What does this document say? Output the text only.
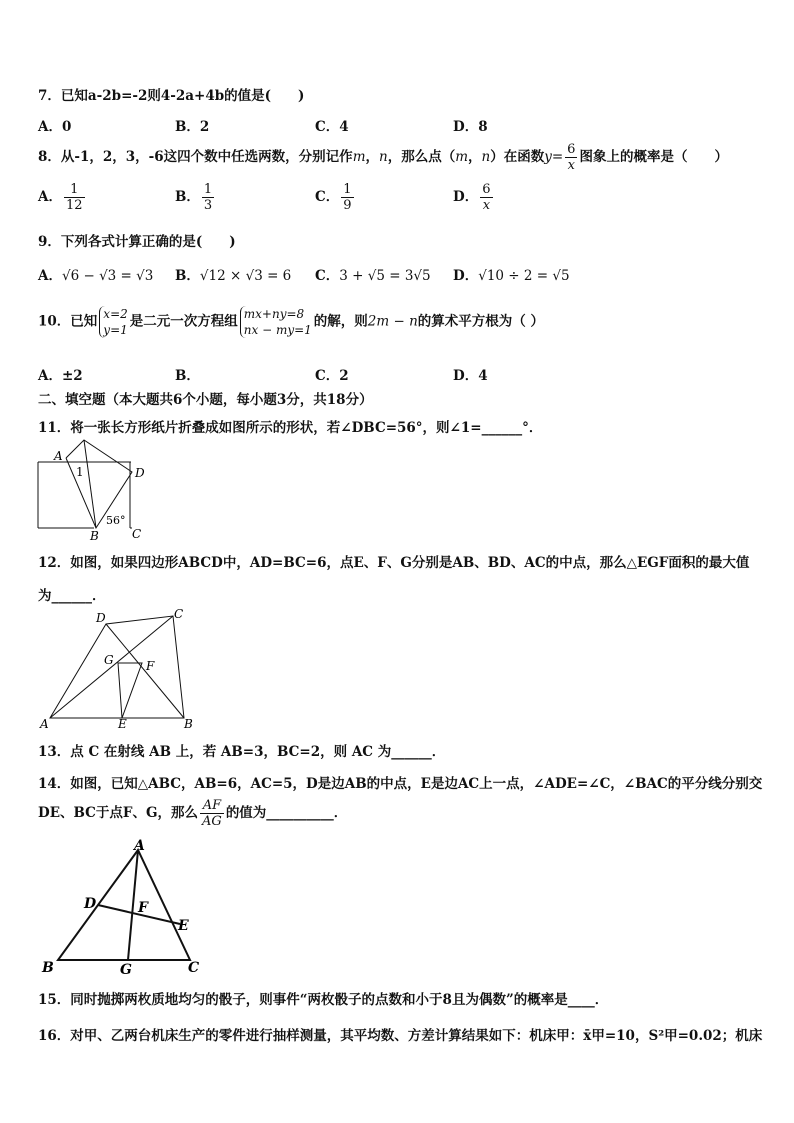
7．已知a-2b=-2则4-2a+4b的值是(　　)
A．0	B．2	C．4	D．8
8．从-1，2，3，-6这四个数中任选两数，分别记作m，n，那么点（m，n）在函数$y= \frac{6}{x}$ 图象上的概率是（　　）
A． $\frac{1}{12}$	B． $\frac{1}{3}$	C． $\frac{1}{9}$	D． $\frac{6}{x}$
9．下列各式计算正确的是(　　)
A．√6 − √3 = √3 B．√12 × √3 = 6 C．3 + √5 = 3√5 D．√10 ÷ 2 = √5
10．已知 x=2
y=1
是二元一次方程组 mx+ny=8
nx − my=1
的解，则2m − n的算术平方根为（ ）
A．±2	B．	C．2	D．4
二、填空题（本大题共6个小题，每小题3分，共18分）
11．将一张长方形纸片折叠成如图所示的形状，若∠DBC=56°，则∠1=______°．
A
1	D
B	C
56°
12．如图，如果四边形ABCD中，AD=BC=6，点E、F、G分别是AB、BD、AC的中点，那么△EGF面积的最大值
为______．
A	B
C
D
E
F
G
13．点 C 在射线 AB 上，若 AB=3，BC=2，则 AC 为______．
14．如图，已知△ABC，AB=6，AC=5，D是边AB的中点，E是边AC上一点，∠ADE=∠C，∠BAC的平分线分别交
DE、BC于点F、G，那么 $\frac{AF}{AG}$ 的值为__________．
A
B	C
D
E
F
G
15．同时抛掷两枚质地均匀的骰子，则事件“两枚骰子的点数和小于8且为偶数”的概率是____．
16．对甲、乙两台机床生产的零件进行抽样测量，其平均数、方差计算结果如下：机床甲：x̄甲=10，S²甲=0.02；机床
